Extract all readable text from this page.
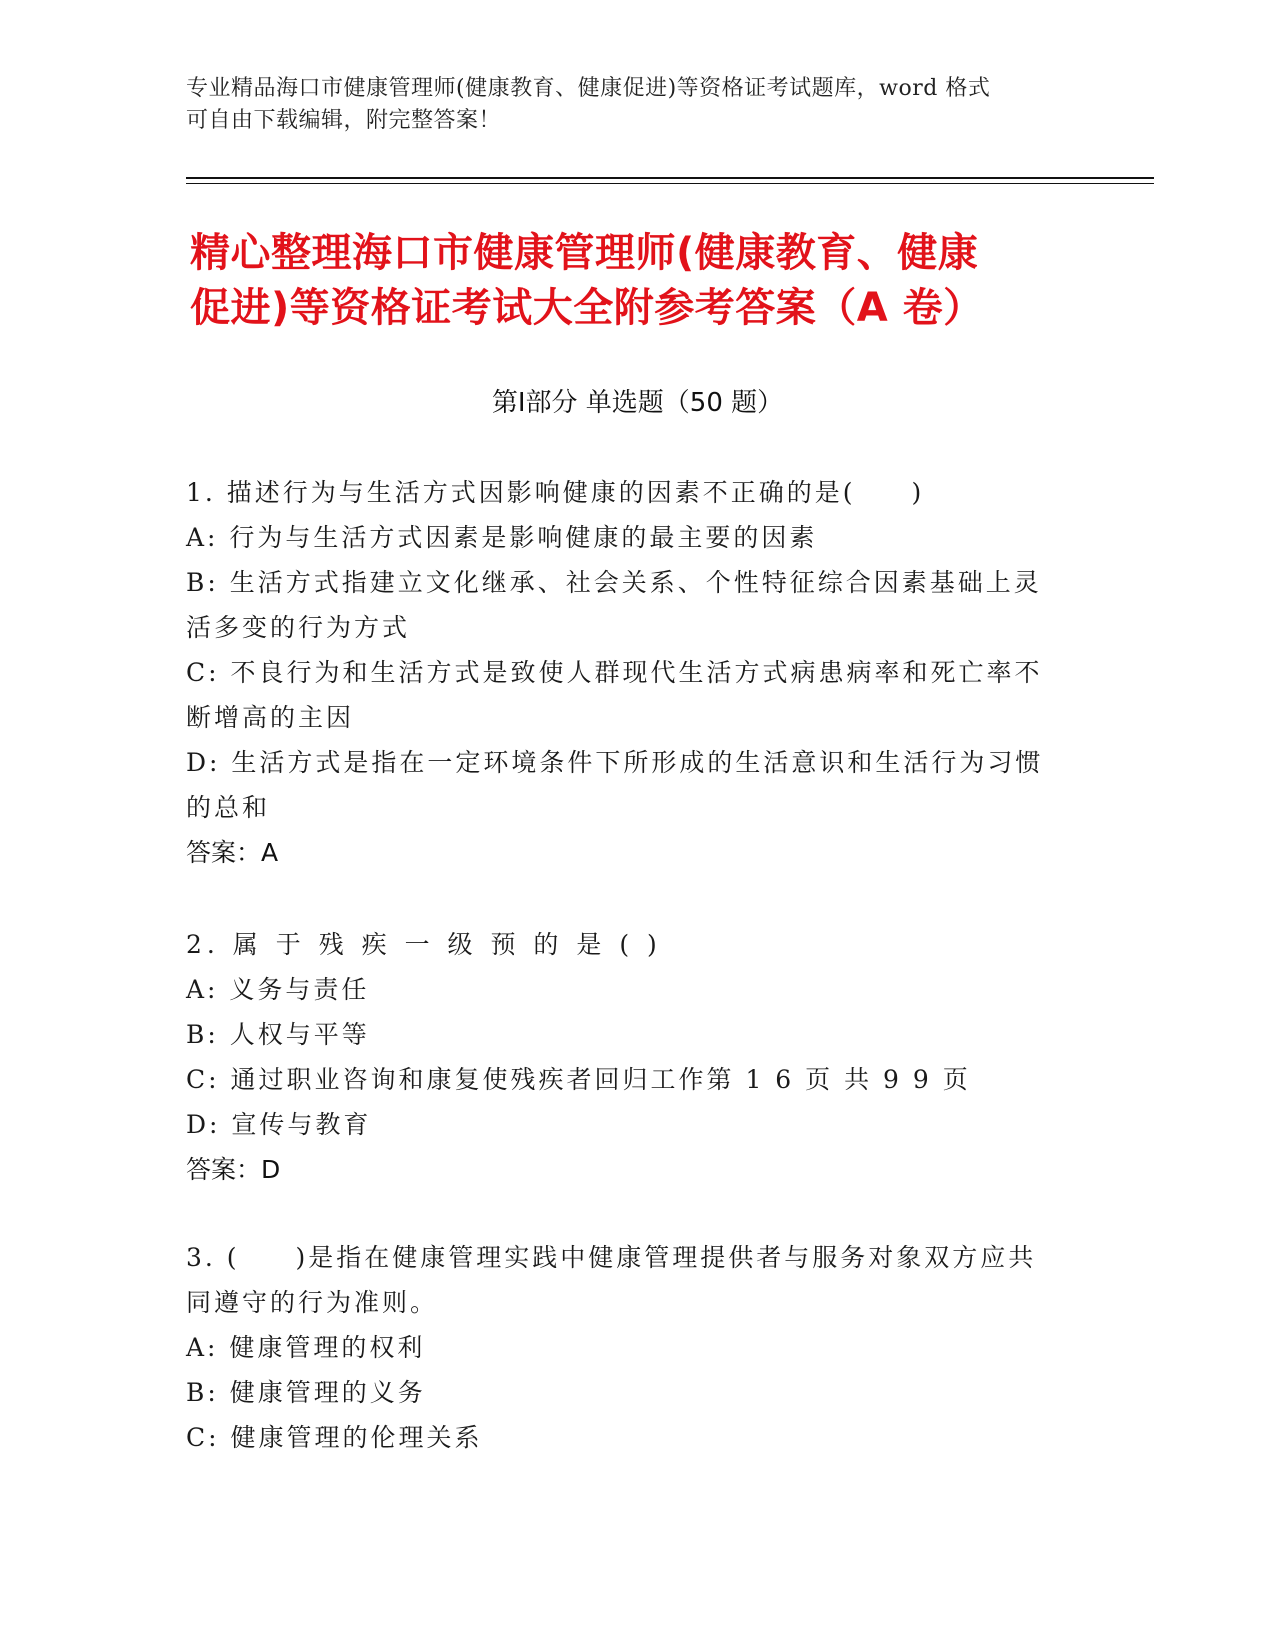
专业精品海口市健康管理师(健康教育、健康促进)等资格证考试题库，word 格式
可自由下载编辑，附完整答案！
精心整理海口市健康管理师(健康教育、健康
促进)等资格证考试大全附参考答案（A 卷）
第Ⅰ部分 单选题（50 题）
1. 描述行为与生活方式因影响健康的因素不正确的是(　　)
A: 行为与生活方式因素是影响健康的最主要的因素
B: 生活方式指建立文化继承、社会关系、个性特征综合因素基础上灵
活多变的行为方式
C: 不良行为和生活方式是致使人群现代生活方式病患病率和死亡率不
断增高的主因
D: 生活方式是指在一定环境条件下所形成的生活意识和生活行为习惯
的总和
答案：A
2. 属 于 残 疾 一 级 预 的 是 ( )
A: 义务与责任
B: 人权与平等
C: 通过职业咨询和康复使残疾者回归工作第 1 6 页 共 9 9 页
D: 宣传与教育
答案：D
3. (　　)是指在健康管理实践中健康管理提供者与服务对象双方应共
同遵守的行为准则。
A: 健康管理的权利
B: 健康管理的义务
C: 健康管理的伦理关系
